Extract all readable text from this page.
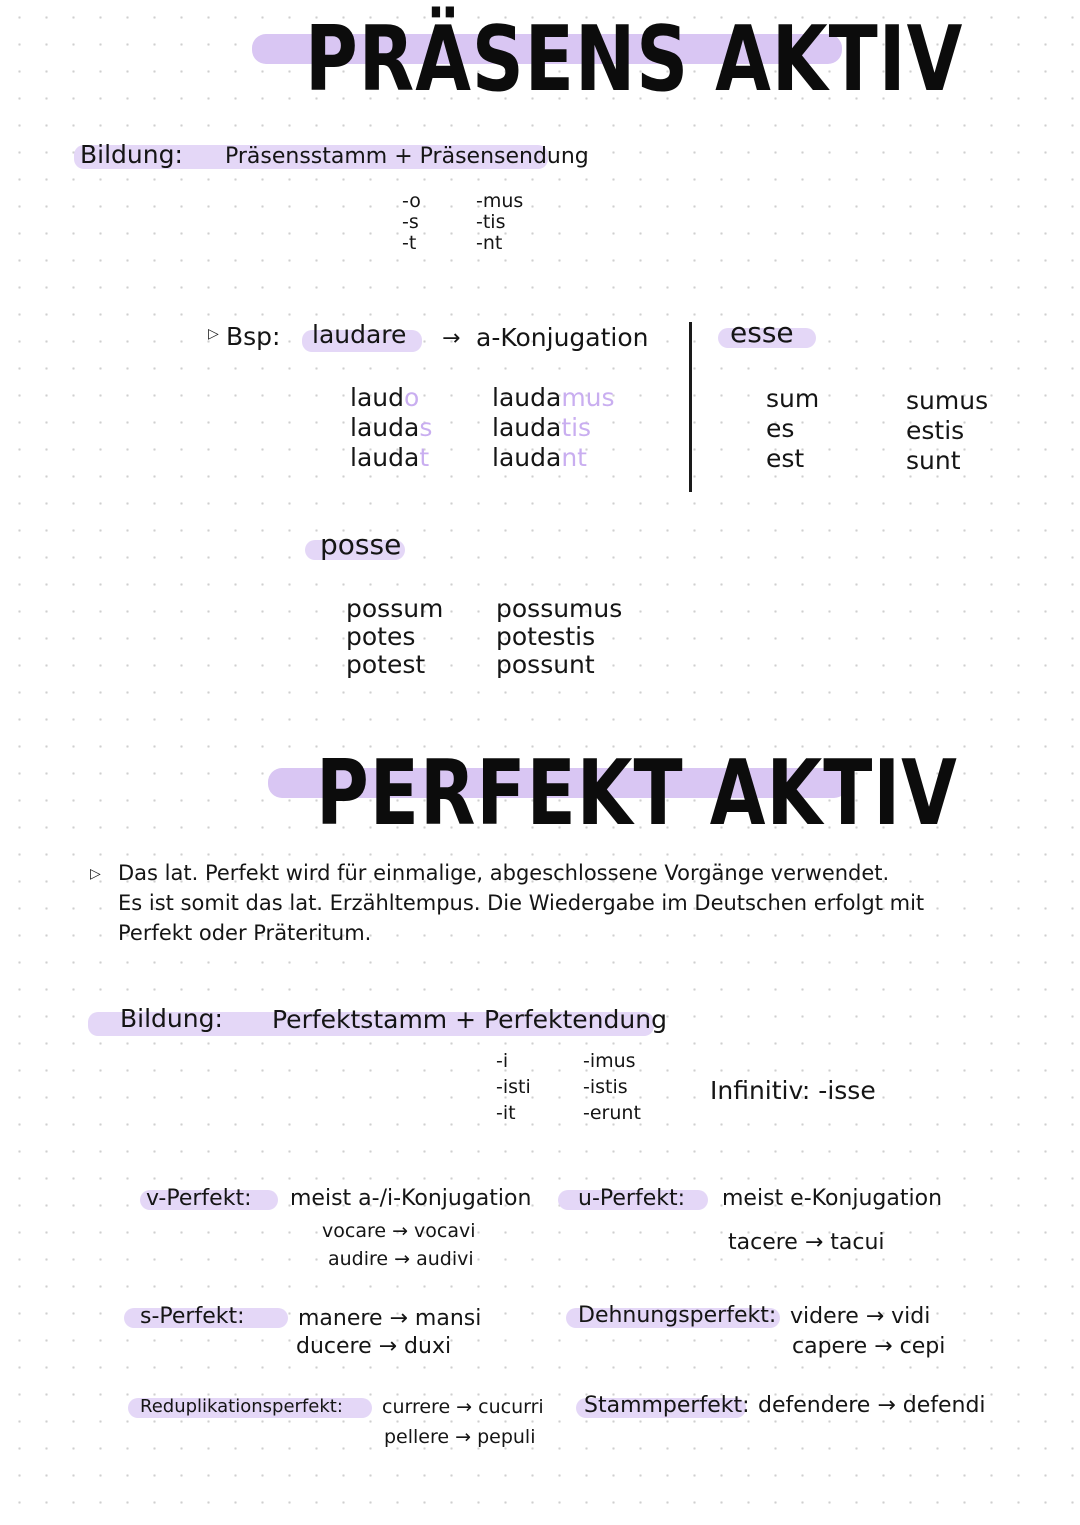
PRÄSENS AKTIV
Bildung: Präsensstamm + Präsensendung
-o
-s
-t
-mus
-tis
-nt
▷ Bsp: laudare → a-Konjugation
laudo
laudas
laudat
laudamus
laudatis
laudant
esse
sum
es
est
sumus
estis
sunt
posse
possum
potes
potest
possumus
potestis
possunt
PERFEKT AKTIV
▷ Das lat. Perfekt wird für einmalige, abgeschlossene Vorgänge verwendet.
Es ist somit das lat. Erzähltempus. Die Wiedergabe im Deutschen erfolgt mit
Perfekt oder Präteritum.
Bildung: Perfektstamm + Perfektendung
-i
-isti
-it
-imus
-istis
-erunt
Infinitiv: -isse
v-Perfekt: meist a-/i-Konjugation
vocare → vocavi
audire → audivi
u-Perfekt: meist e-Konjugation
tacere → tacui
s-Perfekt: manere → mansi
ducere → duxi
Dehnungsperfekt: videre → vidi
capere → cepi
Reduplikationsperfekt: currere → cucurri
pellere → pepuli
Stammperfekt: defendere → defendi
